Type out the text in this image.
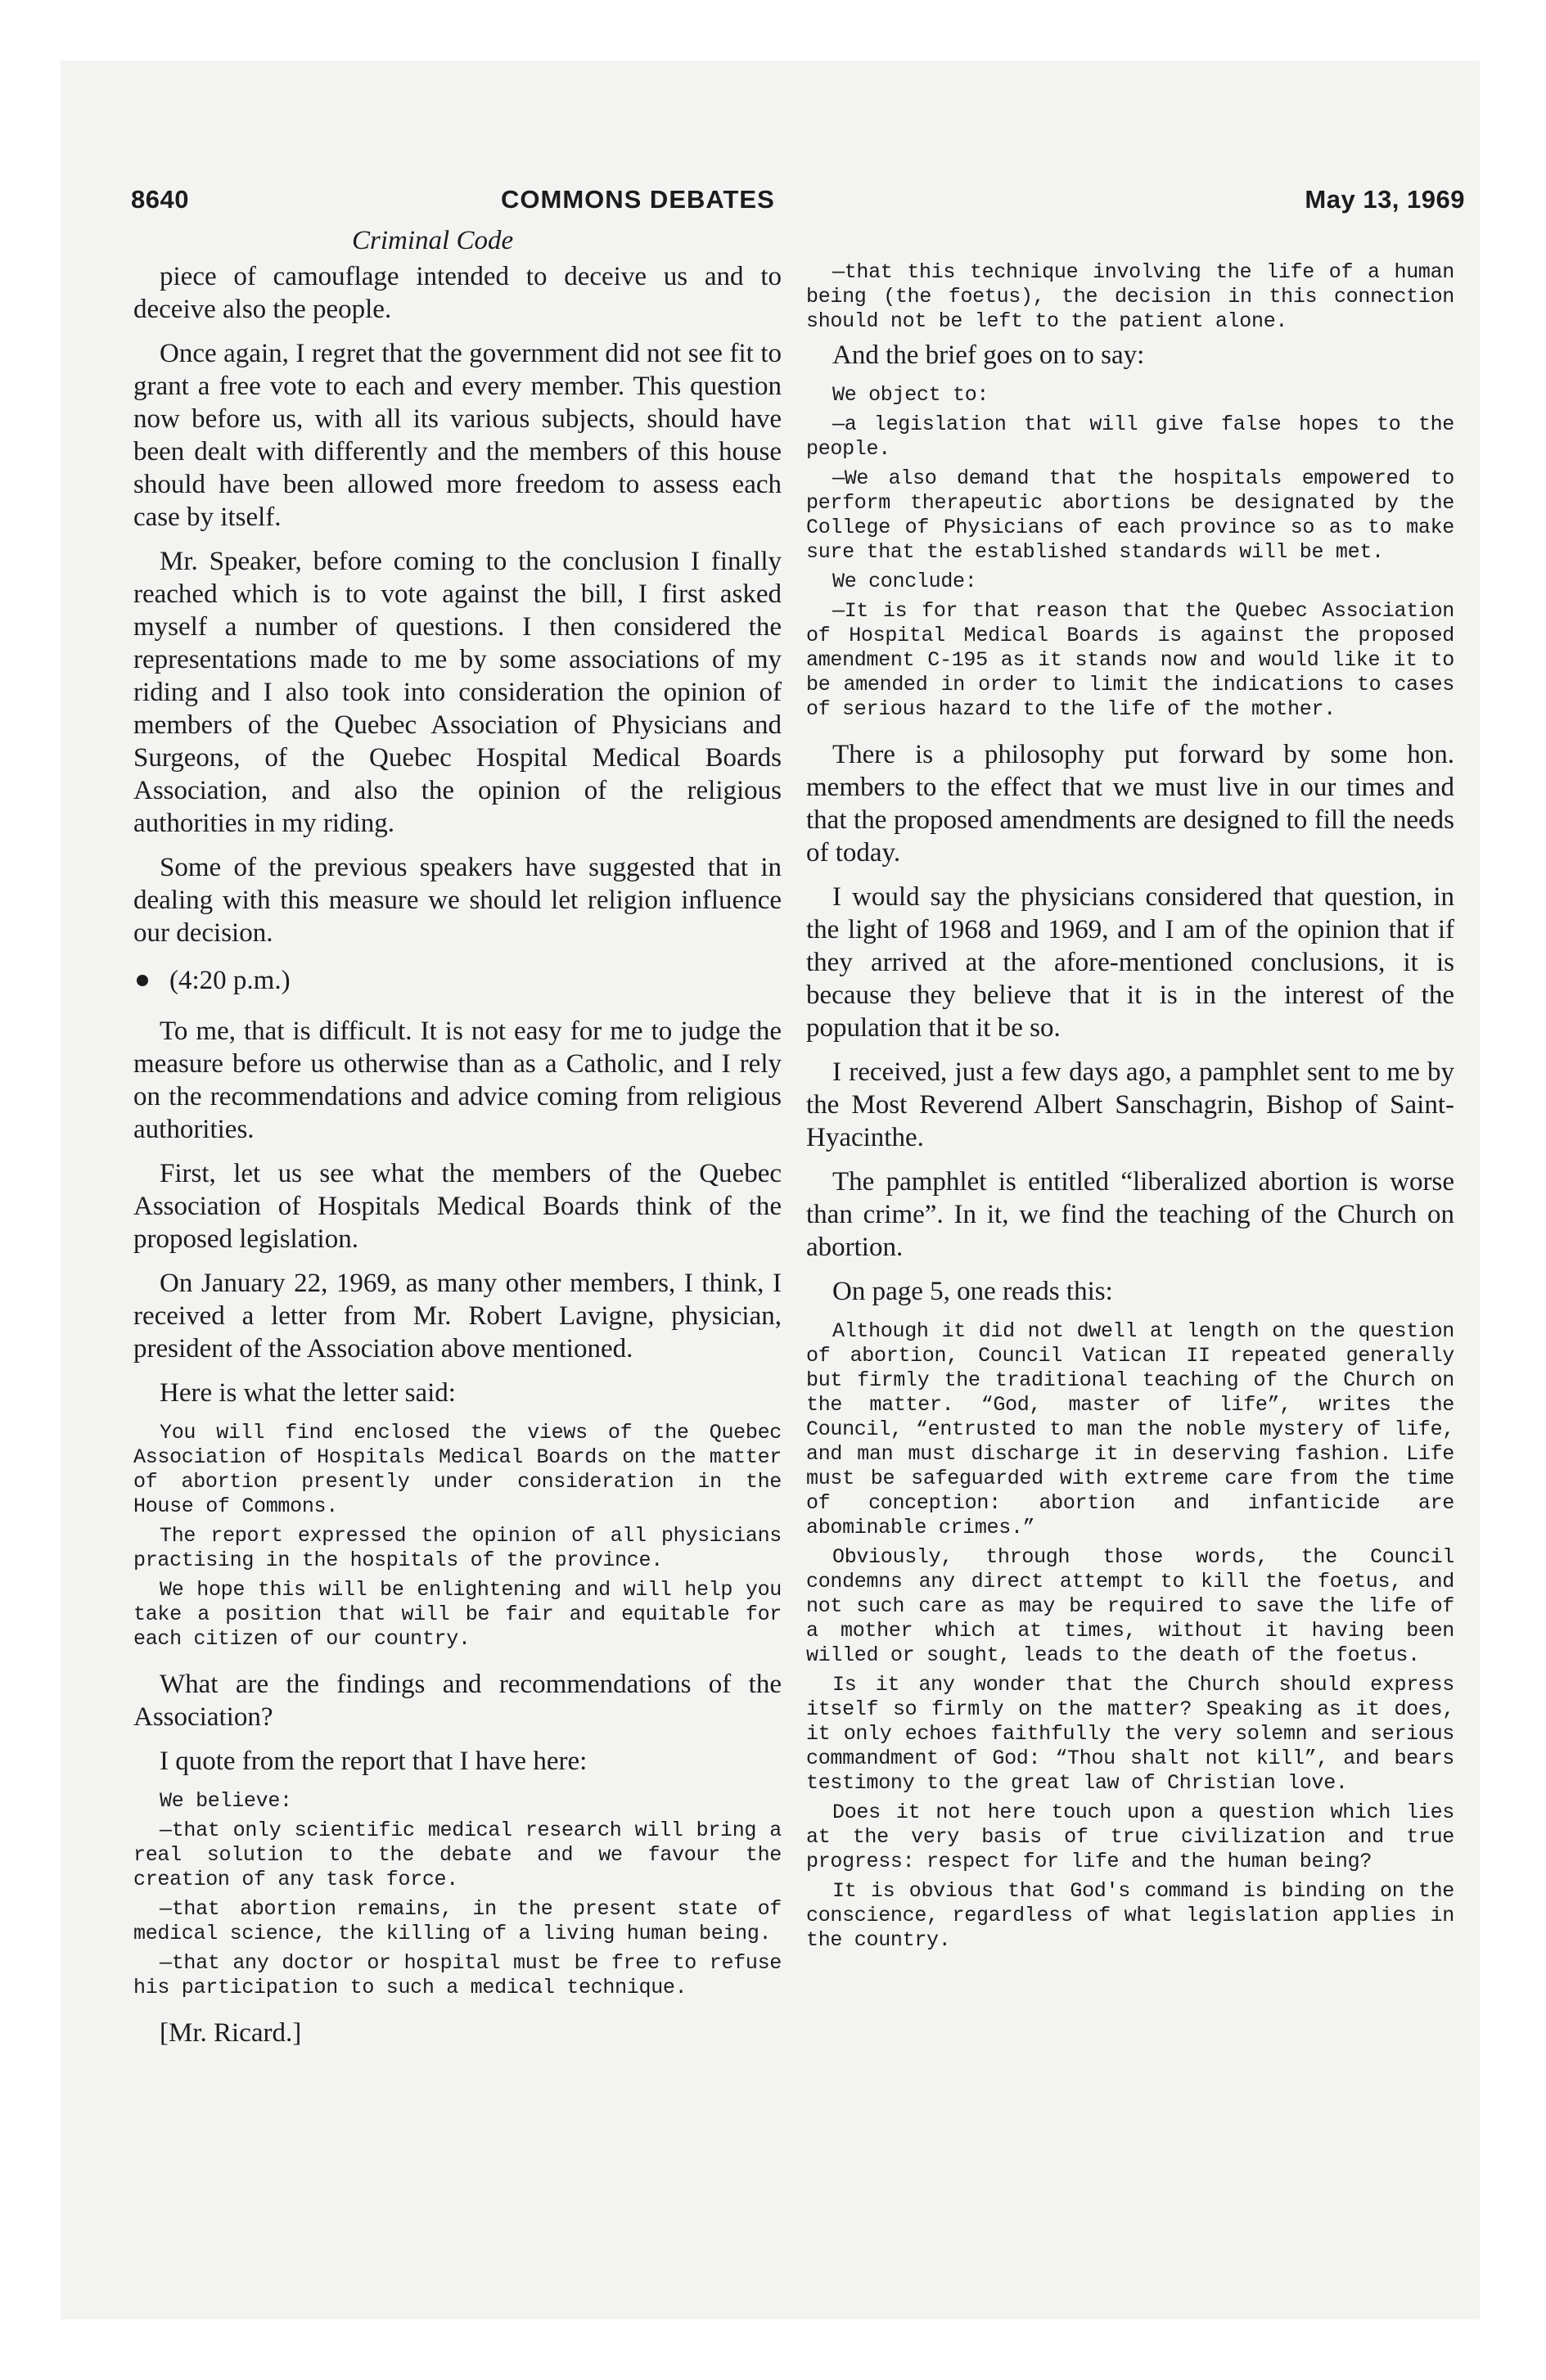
8640	COMMONS DEBATES	May 13, 1969
Criminal Code

piece of camouflage intended to deceive us and to deceive also the people.

Once again, I regret that the government did not see fit to grant a free vote to each and every member. This question now before us, with all its various subjects, should have been dealt with differently and the members of this house should have been allowed more freedom to assess each case by itself.

Mr. Speaker, before coming to the conclusion I finally reached which is to vote against the bill, I first asked myself a number of questions. I then considered the representations made to me by some associations of my riding and I also took into consideration the opinion of members of the Quebec Association of Physicians and Surgeons, of the Quebec Hospital Medical Boards Association, and also the opinion of the religious authorities in my riding.

Some of the previous speakers have suggested that in dealing with this measure we should let religion influence our decision.

(4:20 p.m.)

To me, that is difficult. It is not easy for me to judge the measure before us otherwise than as a Catholic, and I rely on the recommendations and advice coming from religious authorities.

First, let us see what the members of the Quebec Association of Hospitals Medical Boards think of the proposed legislation.

On January 22, 1969, as many other members, I think, I received a letter from Mr. Robert Lavigne, physician, president of the Association above mentioned.

Here is what the letter said:

You will find enclosed the views of the Quebec Association of Hospitals Medical Boards on the matter of abortion presently under consideration in the House of Commons.

The report expressed the opinion of all physicians practising in the hospitals of the province.

We hope this will be enlightening and will help you take a position that will be fair and equitable for each citizen of our country.

What are the findings and recommendations of the Association?

I quote from the report that I have here:

We believe:

—that only scientific medical research will bring a real solution to the debate and we favour the creation of any task force.

—that abortion remains, in the present state of medical science, the killing of a living human being.

—that any doctor or hospital must be free to refuse his participation to such a medical technique.

[Mr. Ricard.]

—that this technique involving the life of a human being (the foetus), the decision in this connection should not be left to the patient alone.

And the brief goes on to say:

We object to:

—a legislation that will give false hopes to the people.

—We also demand that the hospitals empowered to perform therapeutic abortions be designated by the College of Physicians of each province so as to make sure that the established standards will be met.

We conclude:

—It is for that reason that the Quebec Association of Hospital Medical Boards is against the proposed amendment C-195 as it stands now and would like it to be amended in order to limit the indications to cases of serious hazard to the life of the mother.

There is a philosophy put forward by some hon. members to the effect that we must live in our times and that the proposed amendments are designed to fill the needs of today.

I would say the physicians considered that question, in the light of 1968 and 1969, and I am of the opinion that if they arrived at the afore-mentioned conclusions, it is because they believe that it is in the interest of the population that it be so.

I received, just a few days ago, a pamphlet sent to me by the Most Reverend Albert Sanschagrin, Bishop of Saint-Hyacinthe.

The pamphlet is entitled “liberalized abortion is worse than crime”. In it, we find the teaching of the Church on abortion.

On page 5, one reads this:

Although it did not dwell at length on the question of abortion, Council Vatican II repeated generally but firmly the traditional teaching of the Church on the matter. “God, master of life”, writes the Council, “entrusted to man the noble mystery of life, and man must discharge it in deserving fashion. Life must be safeguarded with extreme care from the time of conception: abortion and infanticide are abominable crimes.”

Obviously, through those words, the Council condemns any direct attempt to kill the foetus, and not such care as may be required to save the life of a mother which at times, without it having been willed or sought, leads to the death of the foetus.

Is it any wonder that the Church should express itself so firmly on the matter? Speaking as it does, it only echoes faithfully the very solemn and serious commandment of God: “Thou shalt not kill”, and bears testimony to the great law of Christian love.

Does it not here touch upon a question which lies at the very basis of true civilization and true progress: respect for life and the human being?

It is obvious that God's command is binding on the conscience, regardless of what legislation applies in the country.
